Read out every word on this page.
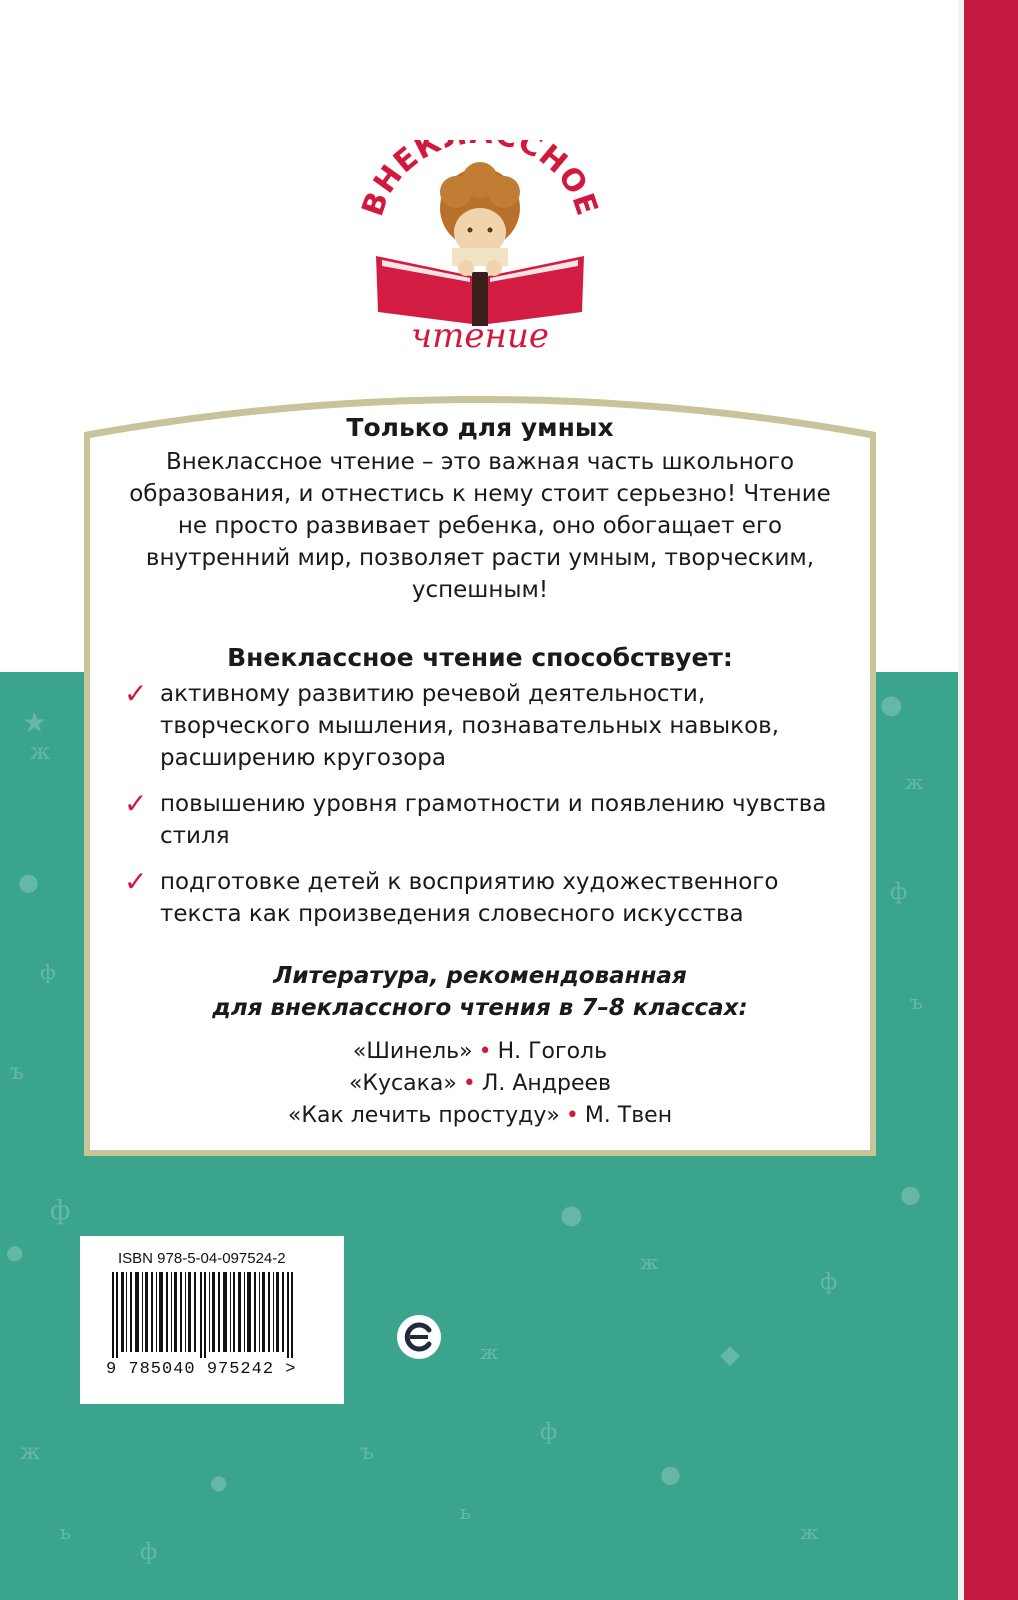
★
ж
●
ф
ъ
ф
●
ж
ь
●
ж
ф
ъ
●
ф
ж
◆
ф
ь
●
ж
ъ
●
ф
●
ж
НЕК СНО
чтение
Только для умных
Внеклассное чтение – это важная часть школьного образования, и отнестись к нему стоит серьезно! Чтение не просто развивает ребенка, оно обогащает его внутренний мир, позволяет расти умным, творческим, успешным!
Внеклассное чтение способствует:
✓ активному развитию речевой деятельности, творческого мышления, познавательных навыков, расширению кругозора
✓ повышению уровня грамотности и появлению чувства стиля
✓ подготовке детей к восприятию художественного текста как произведения словесного искусства
Литература, рекомендованная
для внеклассного чтения в 7–8 классах:
«Шинель» • Н. Гоголь
«Кусака» • Л. Андреев
«Как лечить простуду» • М. Твен
ISBN 978-5-04-097524-2
9 785040 975242 >
